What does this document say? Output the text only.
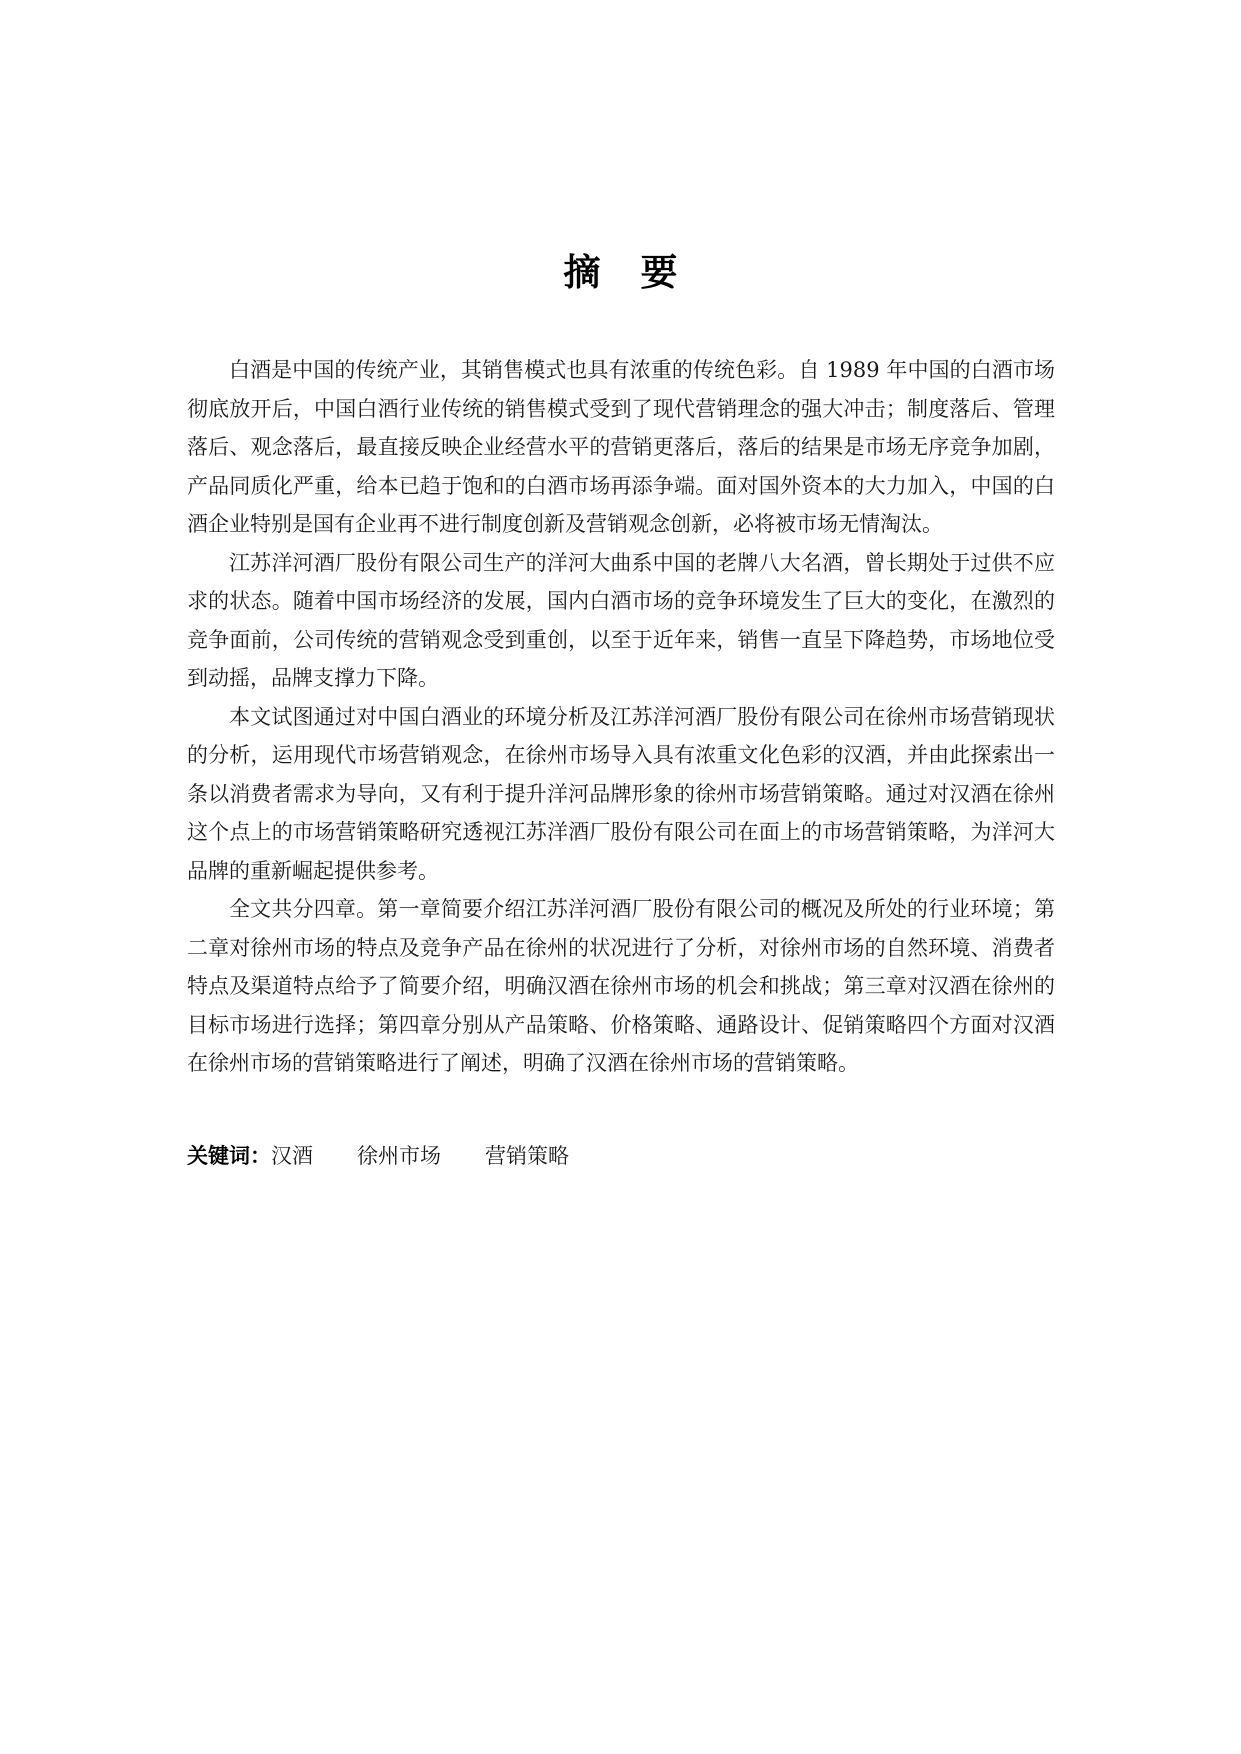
摘要

白酒是中国的传统产业，其销售模式也具有浓重的传统色彩。自 1989 年中国的白酒市场彻底放开后，中国白酒行业传统的销售模式受到了现代营销理念的强大冲击；制度落后、管理落后、观念落后，最直接反映企业经营水平的营销更落后，落后的结果是市场无序竞争加剧，产品同质化严重，给本已趋于饱和的白酒市场再添争端。面对国外资本的大力加入，中国的白酒企业特别是国有企业再不进行制度创新及营销观念创新，必将被市场无情淘汰。

江苏洋河酒厂股份有限公司生产的洋河大曲系中国的老牌八大名酒，曾长期处于过供不应求的状态。随着中国市场经济的发展，国内白酒市场的竞争环境发生了巨大的变化，在激烈的竞争面前，公司传统的营销观念受到重创，以至于近年来，销售一直呈下降趋势，市场地位受到动摇，品牌支撑力下降。

本文试图通过对中国白酒业的环境分析及江苏洋河酒厂股份有限公司在徐州市场营销现状的分析，运用现代市场营销观念，在徐州市场导入具有浓重文化色彩的汉酒，并由此探索出一条以消费者需求为导向，又有利于提升洋河品牌形象的徐州市场营销策略。通过对汉酒在徐州这个点上的市场营销策略研究透视江苏洋酒厂股份有限公司在面上的市场营销策略，为洋河大品牌的重新崛起提供参考。

全文共分四章。第一章简要介绍江苏洋河酒厂股份有限公司的概况及所处的行业环境；第二章对徐州市场的特点及竞争产品在徐州的状况进行了分析，对徐州市场的自然环境、消费者特点及渠道特点给予了简要介绍，明确汉酒在徐州市场的机会和挑战；第三章对汉酒在徐州的目标市场进行选择；第四章分别从产品策略、价格策略、通路设计、促销策略四个方面对汉酒在徐州市场的营销策略进行了阐述，明确了汉酒在徐州市场的营销策略。

关键词：汉酒 徐州市场 营销策略
